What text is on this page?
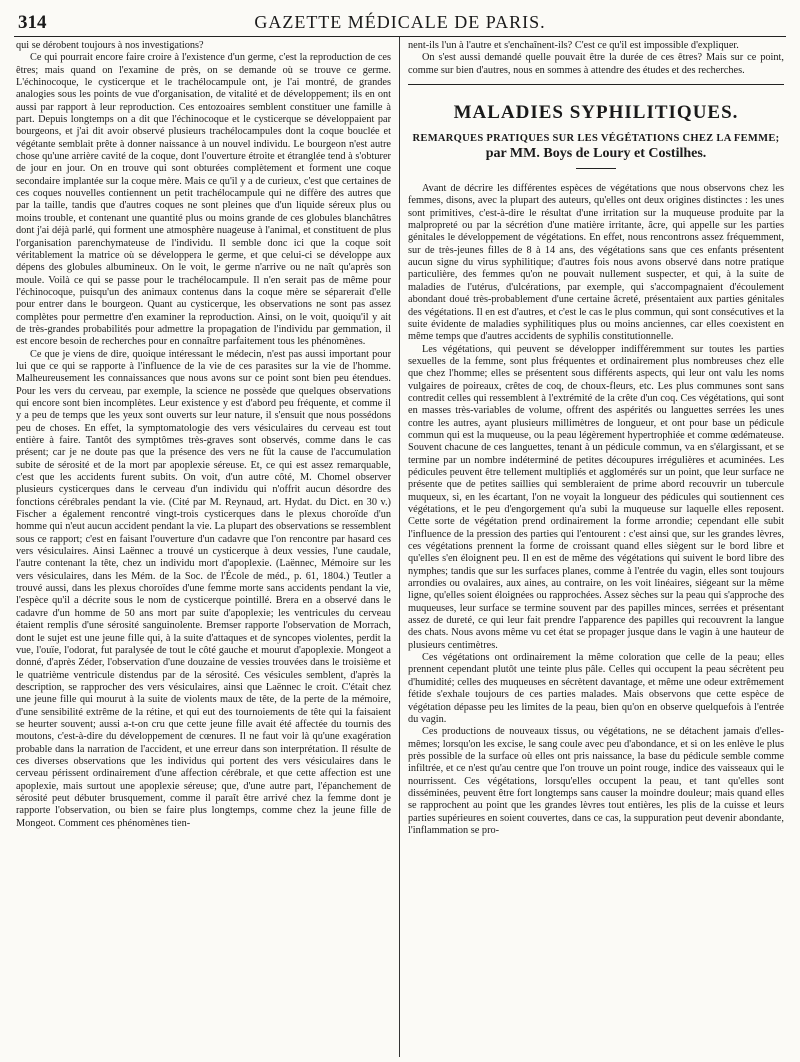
314	GAZETTE MÉDICALE DE PARIS.

qui se dérobent toujours à nos investigations?

Ce qui pourrait encore faire croire à l'existence d'un germe, c'est la reproduction de ces êtres; mais quand on l'examine de près, on se demande où se trouve ce germe. L'échinocoque, le cysticerque et le trachélocampule ont, je l'ai montré, de grandes analogies sous les points de vue d'organisation, de vitalité et de développement; ils en ont aussi par rapport à leur reproduction. Ces entozoaires semblent constituer une famille à part. Depuis longtemps on a dit que l'échinocoque et le cysticerque se développaient par bourgeons, et j'ai dit avoir observé plusieurs trachélocampules dont la coque bouclée et végétante semblait prête à donner naissance à un nouvel individu. Le bourgeon n'est autre chose qu'une arrière cavité de la coque, dont l'ouverture étroite et étranglée tend à s'obturer de jour en jour. On en trouve qui sont obturées complètement et forment une coque secondaire implantée sur la coque mère. Mais ce qu'il y a de curieux, c'est que certaines de ces coques nouvelles contiennent un petit trachélocampule qui ne diffère des autres que par la taille, tandis que d'autres coques ne sont pleines que d'un liquide séreux plus ou moins trouble, et contenant une quantité plus ou moins grande de ces globules blanchâtres dont j'ai déjà parlé, qui forment une atmosphère nuageuse à l'animal, et constituent de plus l'organisation parenchymateuse de l'individu. Il semble donc ici que la coque soit véritablement la matrice où se développera le germe, et que celui-ci se développe aux dépens des globules albumineux. On le voit, le germe n'arrive ou ne naît qu'après son moule. Voilà ce qui se passe pour le trachélocampule. Il n'en serait pas de même pour l'échinocoque, puisqu'un des animaux contenus dans la coque mère se séparerait d'elle pour entrer dans le bourgeon. Quant au cysticerque, les observations ne sont pas assez complètes pour permettre d'en examiner la reproduction. Ainsi, on le voit, quoiqu'il y ait de très-grandes probabilités pour admettre la propagation de l'individu par gemmation, il est encore besoin de recherches pour en connaître parfaitement tous les phénomènes.

Ce que je viens de dire, quoique intéressant le médecin, n'est pas aussi important pour lui que ce qui se rapporte à l'influence de la vie de ces parasites sur la vie de l'homme. Malheureusement les connaissances que nous avons sur ce point sont bien peu étendues. Pour les vers du cerveau, par exemple, la science ne possède que quelques observations qui encore sont bien incomplètes. Leur existence y est d'abord peu fréquente, et comme il y a peu de temps que les yeux sont ouverts sur leur nature, il s'ensuit que nous possédons peu de choses. En effet, la symptomatologie des vers vésiculaires du cerveau est tout entière à faire. Tantôt des symptômes très-graves sont observés, comme dans le cas présent; car je ne doute pas que la présence des vers ne fût la cause de l'accumulation subite de sérosité et de la mort par apoplexie séreuse. Et, ce qui est assez remarquable, c'est que les accidents furent subits. On voit, d'un autre côté, M. Chomel observer plusieurs cysticerques dans le cerveau d'un individu qui n'offrit aucun désordre des fonctions cérébrales pendant la vie. (Cité par M. Reynaud, art. Hydat. du Dict. en 30 v.) Fischer a également rencontré vingt-trois cysticerques dans le plexus choroïde d'un homme qui n'eut aucun accident pendant la vie. La plupart des observations se ressemblent sous ce rapport; c'est en faisant l'ouverture d'un cadavre que l'on rencontre par hasard ces vers vésiculaires. Ainsi Laënnec a trouvé un cysticerque à deux vessies, l'une caudale, l'autre contenant la tête, chez un individu mort d'apoplexie. (Laënnec, Mémoire sur les vers vésiculaires, dans les Mém. de la Soc. de l'École de méd., p. 61, 1804.) Teutler a trouvé aussi, dans les plexus choroïdes d'une femme morte sans accidents pendant la vie, l'espèce qu'il a décrite sous le nom de cysticerque pointillé. Brera en a observé dans le cadavre d'un homme de 50 ans mort par suite d'apoplexie; les ventricules du cerveau étaient remplis d'une sérosité sanguinolente. Bremser rapporte l'observation de Morrach, dont le sujet est une jeune fille qui, à la suite d'attaques et de syncopes violentes, perdit la vue, l'ouïe, l'odorat, fut paralysée de tout le côté gauche et mourut d'apoplexie. Mongeot a donné, d'après Zéder, l'observation d'une douzaine de vessies trouvées dans le troisième et le quatrième ventricule distendus par de la sérosité. Ces vésicules semblent, d'après la description, se rapprocher des vers vésiculaires, ainsi que Laënnec le croit. C'était chez une jeune fille qui mourut à la suite de violents maux de tête, de la perte de la mémoire, d'une sensibilité extrême de la rétine, et qui eut des tournoiements de tête qui la faisaient se heurter souvent; aussi a-t-on cru que cette jeune fille avait été affectée du tournis des moutons, c'est-à-dire du développement de cœnures. Il ne faut voir là qu'une exagération probable dans la narration de l'accident, et une erreur dans son interprétation. Il résulte de ces diverses observations que les individus qui portent des vers vésiculaires dans le cerveau périssent ordinairement d'une affection cérébrale, et que cette affection est une apoplexie, mais surtout une apoplexie séreuse; que, d'une autre part, l'épanchement de sérosité peut débuter brusquement, comme il paraît être arrivé chez la femme dont je rapporte l'observation, ou bien se faire plus longtemps, comme chez la jeune fille de Mongeot. Comment ces phénomènes tien-

nent-ils l'un à l'autre et s'enchaînent-ils? C'est ce qu'il est impossible d'expliquer.

On s'est aussi demandé quelle pouvait être la durée de ces êtres? Mais sur ce point, comme sur bien d'autres, nous en sommes à attendre des études et des recherches.

MALADIES SYPHILITIQUES.
REMARQUES PRATIQUES SUR LES VÉGÉTATIONS CHEZ LA FEMME;
par MM. Boys de Loury et Costilhes.

Avant de décrire les différentes espèces de végétations que nous observons chez les femmes, disons, avec la plupart des auteurs, qu'elles ont deux origines distinctes : les unes sont primitives, c'est-à-dire le résultat d'une irritation sur la muqueuse produite par la malpropreté ou par la sécrétion d'une matière irritante, âcre, qui appelle sur les parties génitales le développement de végétations. En effet, nous rencontrons assez fréquemment, sur de très-jeunes filles de 8 à 14 ans, des végétations sans que ces enfants présentent aucun signe du virus syphilitique; d'autres fois nous avons observé dans notre pratique particulière, des femmes qu'on ne pouvait nullement suspecter, et qui, à la suite de maladies de l'utérus, d'ulcérations, par exemple, qui s'accompagnaient d'écoulement abondant doué très-probablement d'une certaine âcreté, présentaient aux parties génitales des végétations. Il en est d'autres, et c'est le cas le plus commun, qui sont consécutives et la suite évidente de maladies syphilitiques plus ou moins anciennes, car elles coexistent en même temps que d'autres accidents de syphilis constitutionnelle.

Les végétations, qui peuvent se développer indifféremment sur toutes les parties sexuelles de la femme, sont plus fréquentes et ordinairement plus nombreuses chez elle que chez l'homme; elles se présentent sous différents aspects, qui leur ont valu les noms vulgaires de poireaux, crêtes de coq, de choux-fleurs, etc. Les plus communes sont sans contredit celles qui ressemblent à l'extrémité de la crête d'un coq. Ces végétations, qui sont en masses très-variables de volume, offrent des aspérités ou languettes serrées les unes contre les autres, ayant plusieurs millimètres de longueur, et ont pour base un pédicule commun qui est la muqueuse, ou la peau légèrement hypertrophiée et comme œdémateuse. Souvent chacune de ces languettes, tenant à un pédicule commun, va en s'élargissant, et se termine par un nombre indéterminé de petites découpures irrégulières et acuminées. Les pédicules peuvent être tellement multipliés et agglomérés sur un point, que leur surface ne présente que de petites saillies qui sembleraient de prime abord recouvrir un tubercule muqueux, si, en les écartant, l'on ne voyait la longueur des pédicules qui soutiennent ces végétations, et le peu d'engorgement qu'a subi la muqueuse sur laquelle elles reposent. Cette sorte de végétation prend ordinairement la forme arrondie; cependant elle subit l'influence de la pression des parties qui l'entourent : c'est ainsi que, sur les grandes lèvres, ces végétations prennent la forme de croissant quand elles siègent sur le bord libre et qu'elles s'en éloignent peu. Il en est de même des végétations qui suivent le bord libre des nymphes; tandis que sur les surfaces planes, comme à l'entrée du vagin, elles sont toujours arrondies ou ovalaires, aux aines, au contraire, on les voit linéaires, siégeant sur la même ligne, qu'elles soient éloignées ou rapprochées. Assez sèches sur la peau qui s'approche des muqueuses, leur surface se termine souvent par des papilles minces, serrées et présentant assez de dureté, ce qui leur fait prendre l'apparence des papilles qui recouvrent la langue des chats. Nous avons même vu cet état se propager jusque dans le vagin à une hauteur de plusieurs centimètres.

Ces végétations ont ordinairement la même coloration que celle de la peau; elles prennent cependant plutôt une teinte plus pâle. Celles qui occupent la peau sécrètent peu d'humidité; celles des muqueuses en sécrètent davantage, et même une odeur extrêmement fétide s'exhale toujours de ces parties malades. Mais observons que cette espèce de végétation dépasse peu les limites de la peau, bien qu'on en observe quelquefois à l'entrée du vagin.

Ces productions de nouveaux tissus, ou végétations, ne se détachent jamais d'elles-mêmes; lorsqu'on les excise, le sang coule avec peu d'abondance, et si on les enlève le plus près possible de la surface où elles ont pris naissance, la base du pédicule semble comme infiltrée, et ce n'est qu'au centre que l'on trouve un point rouge, indice des vaisseaux qui le nourrissent. Ces végétations, lorsqu'elles occupent la peau, et tant qu'elles sont disséminées, peuvent être fort longtemps sans causer la moindre douleur; mais quand elles se rapprochent au point que les grandes lèvres tout entières, les plis de la cuisse et leurs parties supérieures en soient couvertes, dans ce cas, la suppuration peut devenir abondante, l'inflammation se pro-
